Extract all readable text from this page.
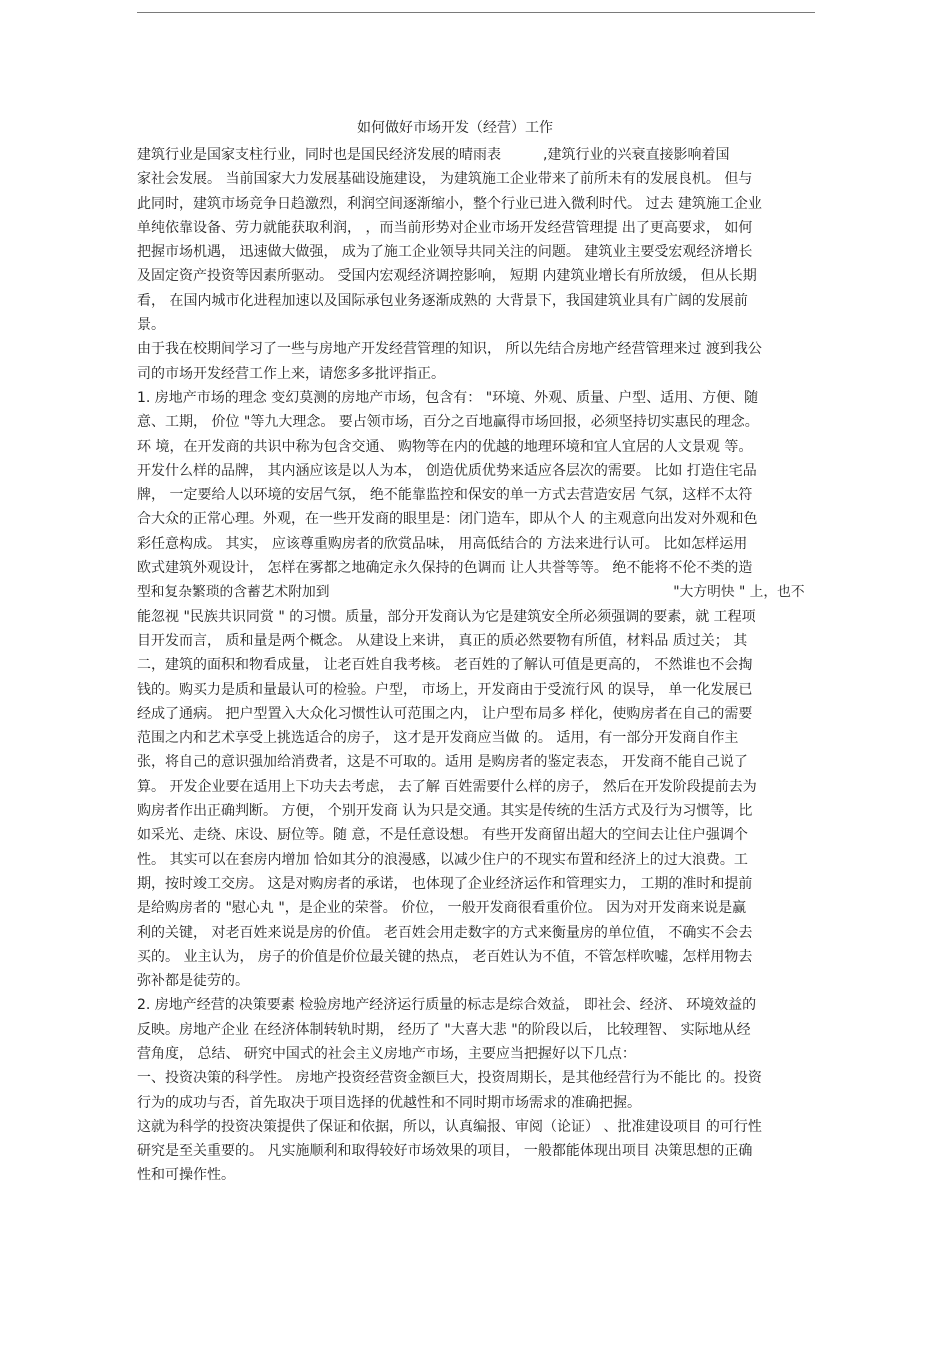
如何做好市场开发（经营）工作
建筑行业是国家支柱行业，同时也是国民经济发展的晴雨表　　　,建筑行业的兴衰直接影响着国
家社会发展。 当前国家大力发展基础设施建设， 为建筑施工企业带来了前所未有的发展良机。 但与
此同时，建筑市场竞争日趋激烈，利润空间逐渐缩小，整个行业已进入微利时代。 过去 建筑施工企业
单纯依靠设备、劳力就能获取利润， ，而当前形势对企业市场开发经营管理提 出了更高要求， 如何
把握市场机遇， 迅速做大做强， 成为了施工企业领导共同关注的问题。 建筑业主要受宏观经济增长
及固定资产投资等因素所驱动。 受国内宏观经济调控影响， 短期 内建筑业增长有所放缓， 但从长期
看， 在国内城市化进程加速以及国际承包业务逐渐成熟的 大背景下，我国建筑业具有广阔的发展前
景。
由于我在校期间学习了一些与房地产开发经营管理的知识， 所以先结合房地产经营管理来过 渡到我公
司的市场开发经营工作上来，请您多多批评指正。
1. 房地产市场的理念 变幻莫测的房地产市场，包含有： "环境、外观、质量、户型、适用、方便、随
意、工期， 价位 "等九大理念。 要占领市场，百分之百地赢得市场回报，必须坚持切实惠民的理念。
环 境，在开发商的共识中称为包含交通、 购物等在内的优越的地理环境和宜人宜居的人文景观 等。
开发什么样的品牌， 其内涵应该是以人为本， 创造优质优势来适应各层次的需要。 比如 打造住宅品
牌， 一定要给人以环境的安居气氛， 绝不能靠监控和保安的单一方式去营造安居 气氛，这样不太符
合大众的正常心理。外观，在一些开发商的眼里是：闭门造车，即从个人 的主观意向出发对外观和色
彩任意构成。 其实， 应该尊重购房者的欣赏品味， 用高低结合的 方法来进行认可。 比如怎样运用
欧式建筑外观设计， 怎样在雾都之地确定永久保持的色调而 让人共誉等等。 绝不能将不伦不类的造
型和复杂繁琐的含蓄艺术附加到　　　　　　　　　　　　　　　　　　　　　　　　　"大方明快 " 上，也不
能忽视 "民族共识同赏 " 的习惯。质量，部分开发商认为它是建筑安全所必须强调的要素，就 工程项
目开发而言， 质和量是两个概念。 从建设上来讲， 真正的质必然要物有所值，材料品 质过关； 其
二，建筑的面积和物看成量， 让老百姓自我考核。 老百姓的了解认可值是更高的， 不然谁也不会掏
钱的。购买力是质和量最认可的检验。户型， 市场上，开发商由于受流行风 的误导， 单一化发展已
经成了通病。 把户型置入大众化习惯性认可范围之内， 让户型布局多 样化，使购房者在自己的需要
范围之内和艺术享受上挑选适合的房子， 这才是开发商应当做 的。 适用，有一部分开发商自作主
张，将自己的意识强加给消费者，这是不可取的。适用 是购房者的鉴定表态， 开发商不能自己说了
算。 开发企业要在适用上下功夫去考虑， 去了解 百姓需要什么样的房子， 然后在开发阶段提前去为
购房者作出正确判断。 方便， 个别开发商 认为只是交通。其实是传统的生活方式及行为习惯等，比
如采光、走绕、床设、厨位等。随 意，不是任意设想。 有些开发商留出超大的空间去让住户强调个
性。 其实可以在套房内增加 恰如其分的浪漫感，以减少住户的不现实布置和经济上的过大浪费。工
期，按时竣工交房。 这是对购房者的承诺， 也体现了企业经济运作和管理实力， 工期的准时和提前
是给购房者的 "慰心丸 "，是企业的荣誉。 价位， 一般开发商很看重价位。 因为对开发商来说是赢
利的关键， 对老百姓来说是房的价值。 老百姓会用走数字的方式来衡量房的单位值， 不确实不会去
买的。 业主认为， 房子的价值是价位最关键的热点， 老百姓认为不值，不管怎样吹嘘，怎样用物去
弥补都是徒劳的。
2. 房地产经营的决策要素 检验房地产经济运行质量的标志是综合效益， 即社会、经济、 环境效益的
反映。房地产企业 在经济体制转轨时期， 经历了 "大喜大悲 "的阶段以后， 比较理智、 实际地从经
营角度， 总结、 研究中国式的社会主义房地产市场，主要应当把握好以下几点：
一、投资决策的科学性。 房地产投资经营资金额巨大，投资周期长，是其他经营行为不能比 的。投资
行为的成功与否，首先取决于项目选择的优越性和不同时期市场需求的准确把握。
这就为科学的投资决策提供了保证和依据，所以，认真编报、审阅（论证） 、批准建设项目 的可行性
研究是至关重要的。 凡实施顺利和取得较好市场效果的项目， 一般都能体现出项目 决策思想的正确
性和可操作性。
